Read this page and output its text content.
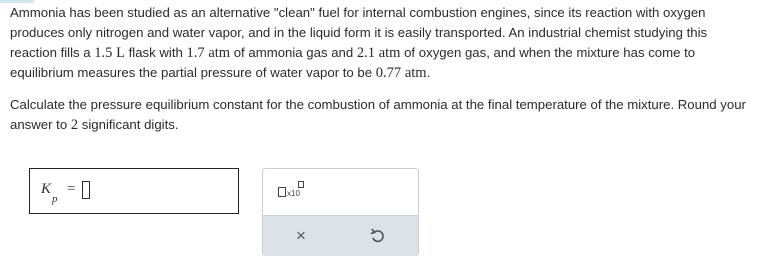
Ammonia has been studied as an alternative "clean" fuel for internal combustion engines, since its reaction with oxygen produces only nitrogen and water vapor, and in the liquid form it is easily transported. An industrial chemist studying this reaction fills a 1.5 L flask with 1.7 atm of ammonia gas and 2.1 atm of oxygen gas, and when the mixture has come to equilibrium measures the partial pressure of water vapor to be 0.77 atm.

Calculate the pressure equilibrium constant for the combustion of ammonia at the final temperature of the mixture. Round your answer to 2 significant digits.

K
p
=	x10
×
